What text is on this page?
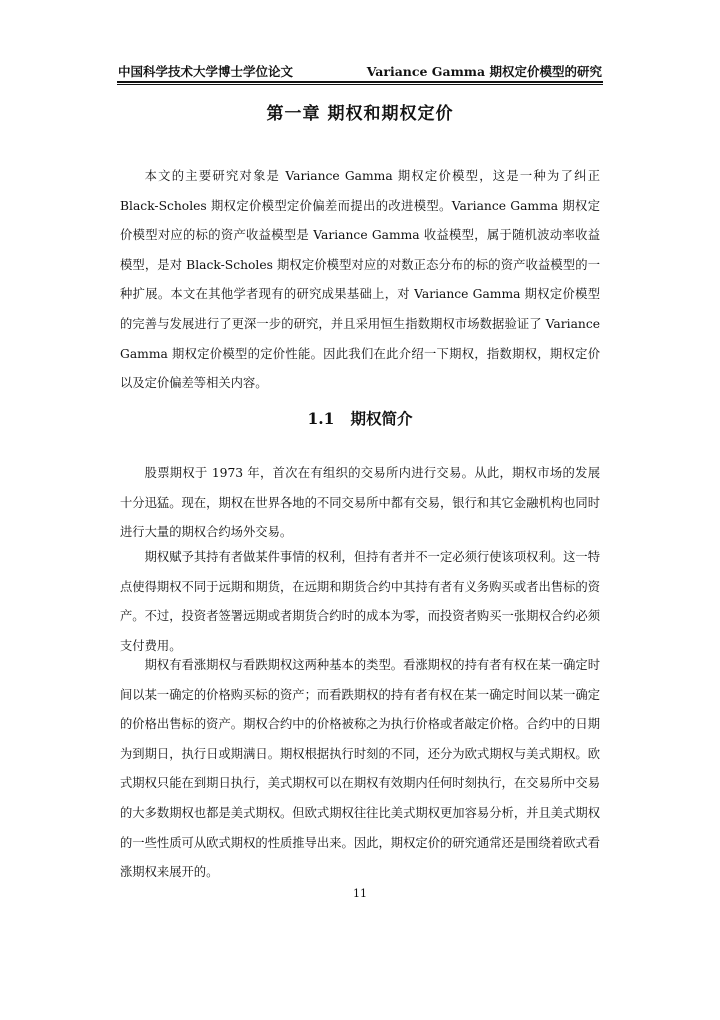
中国科学技术大学博士学位论文	Variance Gamma 期权定价模型的研究
第一章 期权和期权定价

本文的主要研究对象是 Variance Gamma 期权定价模型，这是一种为了纠正 Black-Scholes 期权定价模型定价偏差而提出的改进模型。Variance Gamma 期权定价模型对应的标的资产收益模型是 Variance Gamma 收益模型，属于随机波动率收益模型，是对 Black-Scholes 期权定价模型对应的对数正态分布的标的资产收益模型的一种扩展。本文在其他学者现有的研究成果基础上，对 Variance Gamma 期权定价模型的完善与发展进行了更深一步的研究，并且采用恒生指数期权市场数据验证了 Variance Gamma 期权定价模型的定价性能。因此我们在此介绍一下期权，指数期权，期权定价以及定价偏差等相关内容。

1.1 期权简介

股票期权于 1973 年，首次在有组织的交易所内进行交易。从此，期权市场的发展十分迅猛。现在，期权在世界各地的不同交易所中都有交易，银行和其它金融机构也同时进行大量的期权合约场外交易。

期权赋予其持有者做某件事情的权利，但持有者并不一定必须行使该项权利。这一特点使得期权不同于远期和期货，在远期和期货合约中其持有者有义务购买或者出售标的资产。不过，投资者签署远期或者期货合约时的成本为零，而投资者购买一张期权合约必须支付费用。

期权有看涨期权与看跌期权这两种基本的类型。看涨期权的持有者有权在某一确定时间以某一确定的价格购买标的资产；而看跌期权的持有者有权在某一确定时间以某一确定的价格出售标的资产。期权合约中的价格被称之为执行价格或者敲定价格。合约中的日期为到期日，执行日或期满日。期权根据执行时刻的不同，还分为欧式期权与美式期权。欧式期权只能在到期日执行，美式期权可以在期权有效期内任何时刻执行，在交易所中交易的大多数期权也都是美式期权。但欧式期权往往比美式期权更加容易分析，并且美式期权的一些性质可从欧式期权的性质推导出来。因此，期权定价的研究通常还是围绕着欧式看涨期权来展开的。

11
